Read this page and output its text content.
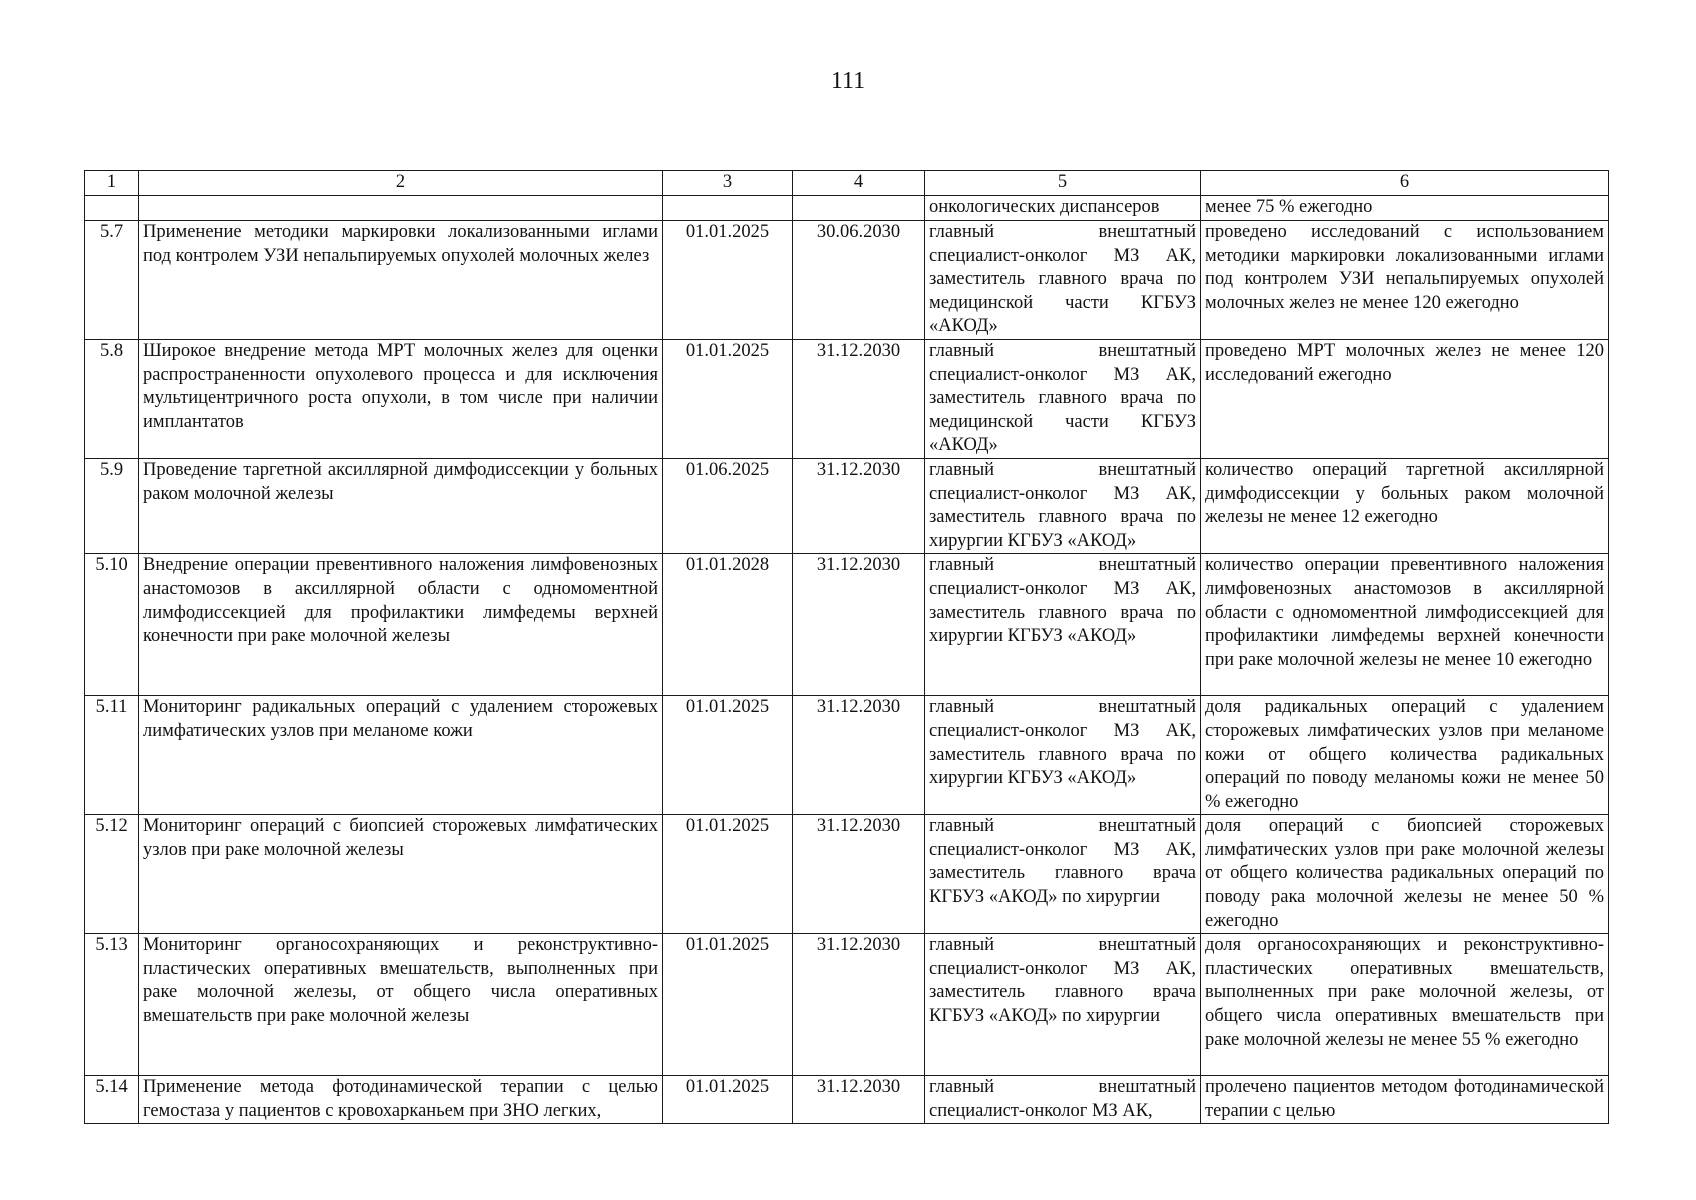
111
1	2	3	4	5	6
				онкологических диспансеров	менее 75 % ежегодно
5.7	Применение методики маркировки локализованными иглами под контролем УЗИ непальпируемых опухолей молочных желез	01.01.2025	30.06.2030	главный внештатный специалист-онколог МЗ АК, заместитель главного врача по медицинской части КГБУЗ «АКОД»	проведено исследований с использованием методики маркировки локализованными иглами под контролем УЗИ непальпируемых опухолей молочных желез не менее 120 ежегодно
5.8	Широкое внедрение метода МРТ молочных желез для оценки распространенности опухолевого процесса и для исключения мультицентричного роста опухоли, в том числе при наличии имплантатов	01.01.2025	31.12.2030	главный внештатный специалист-онколог МЗ АК, заместитель главного врача по медицинской части КГБУЗ «АКОД»	проведено МРТ молочных желез не менее 120 исследований ежегодно
5.9	Проведение таргетной аксиллярной димфодиссекции у больных раком молочной железы	01.06.2025	31.12.2030	главный внештатный специалист-онколог МЗ АК, заместитель главного врача по хирургии КГБУЗ «АКОД»	количество операций таргетной аксиллярной димфодиссекции у больных раком молочной железы не менее 12 ежегодно
5.10	Внедрение операции превентивного наложения лимфовенозных анастомозов в аксиллярной области с одномоментной лимфодиссекцией для профилактики лимфедемы верхней конечности при раке молочной железы	01.01.2028	31.12.2030	главный внештатный специалист-онколог МЗ АК, заместитель главного врача по хирургии КГБУЗ «АКОД»	количество операции превентивного наложения лимфовенозных анастомозов в аксиллярной области с одномоментной лимфодиссекцией для профилактики лимфедемы верхней конечности при раке молочной железы не менее 10 ежегодно
5.11	Мониторинг радикальных операций с удалением сторожевых лимфатических узлов при меланоме кожи	01.01.2025	31.12.2030	главный внештатный специалист-онколог МЗ АК, заместитель главного врача по хирургии КГБУЗ «АКОД»	доля радикальных операций с удалением сторожевых лимфатических узлов при меланоме кожи от общего количества радикальных операций по поводу меланомы кожи не менее 50 % ежегодно
5.12	Мониторинг операций с биопсией сторожевых лимфатических узлов при раке молочной железы	01.01.2025	31.12.2030	главный внештатный специалист-онколог МЗ АК, заместитель главного врача КГБУЗ «АКОД» по хирургии	доля операций с биопсией сторожевых лимфатических узлов при раке молочной железы от общего количества радикальных операций по поводу рака молочной железы не менее 50 % ежегодно
5.13	Мониторинг органосохраняющих и реконструктивно-пластических оперативных вмешательств, выполненных при раке молочной железы, от общего числа оперативных вмешательств при раке молочной железы	01.01.2025	31.12.2030	главный внештатный специалист-онколог МЗ АК, заместитель главного врача КГБУЗ «АКОД» по хирургии	доля органосохраняющих и реконструктивно-пластических оперативных вмешательств, выполненных при раке молочной железы, от общего числа оперативных вмешательств при раке молочной железы не менее 55 % ежегодно
5.14	Применение метода фотодинамической терапии с целью гемостаза у пациентов с кровохарканьем при ЗНО легких,	01.01.2025	31.12.2030	главный внештатный специалист-онколог МЗ АК,	пролечено пациентов методом фотодинамической терапии с целью
